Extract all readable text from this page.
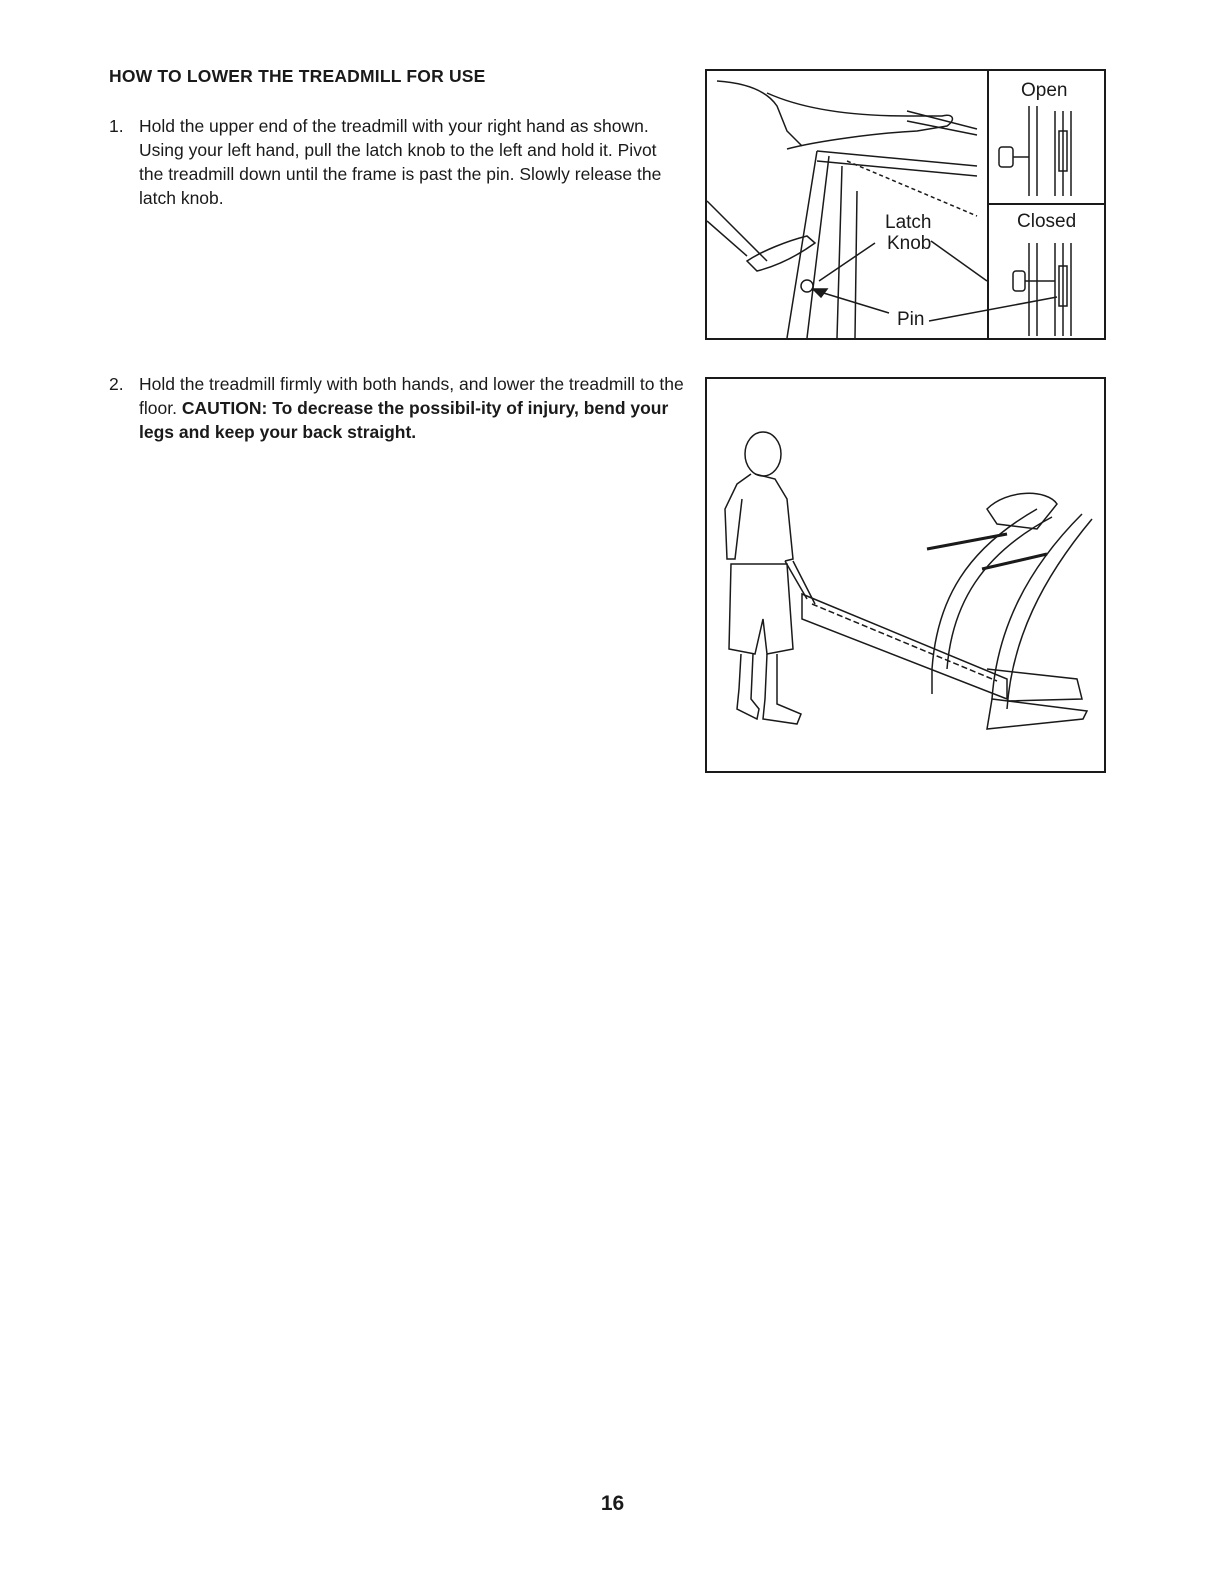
HOW TO LOWER THE TREADMILL FOR USE
1. Hold the upper end of the treadmill with your right hand as shown. Using your left hand, pull the latch knob to the left and hold it. Pivot the treadmill down until the frame is past the pin. Slowly release the latch knob.
2. Hold the treadmill firmly with both hands, and lower the treadmill to the floor. CAUTION: To decrease the possibil-ity of injury, bend your legs and keep your back straight.
Open
Closed
Latch
Knob
Pin
16
